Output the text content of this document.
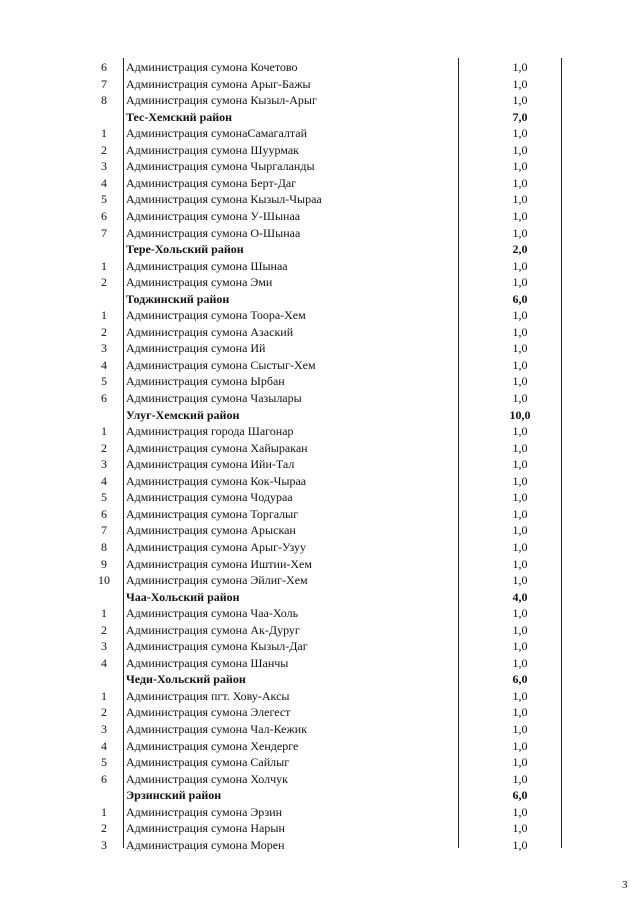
6	Администрация сумона Кочетово	1,0
7	Администрация сумона Арыг-Бажы	1,0
8	Администрация сумона Кызыл-Арыг	1,0
Тес-Хемский район	7,0
1	Администрация сумонаСамагалтай	1,0
2	Администрация сумона Шуурмак	1,0
3	Администрация сумона Чыргаланды	1,0
4	Администрация сумона Берт-Даг	1,0
5	Администрация сумона Кызыл-Чыраа	1,0
6	Администрация сумона У-Шынаа	1,0
7	Администрация сумона О-Шынаа	1,0
Тере-Хольский район	2,0
1	Администрация сумона Шынаа	1,0
2	Администрация сумона Эми	1,0
Тоджинский район	6,0
1	Администрация сумона Тоора-Хем	1,0
2	Администрация сумона Азаский	1,0
3	Администрация сумона Ий	1,0
4	Администрация сумона Сыстыг-Хем	1,0
5	Администрация сумона Ырбан	1,0
6	Администрация сумона Чазылары	1,0
Улуг-Хемский район	10,0
1	Администрация города Шагонар	1,0
2	Администрация сумона Хайыракан	1,0
3	Администрация сумона Ийи-Тал	1,0
4	Администрация сумона Кок-Чыраа	1,0
5	Администрация сумона Чодураа	1,0
6	Администрация сумона Торгалыг	1,0
7	Администрация сумона Арыскан	1,0
8	Администрация сумона Арыг-Узуу	1,0
9	Администрация сумона Иштии-Хем	1,0
10	Администрация сумона Эйлиг-Хем	1,0
Чаа-Хольский район	4,0
1	Администрация сумона Чаа-Холь	1,0
2	Администрация сумона Ак-Дуруг	1,0
3	Администрация сумона Кызыл-Даг	1,0
4	Администрация сумона Шанчы	1,0
Чеди-Хольский район	6,0
1	Администрация пгт. Хову-Аксы	1,0
2	Администрация сумона Элегест	1,0
3	Администрация сумона Чал-Кежик	1,0
4	Администрация сумона Хендерге	1,0
5	Администрация сумона Сайлыг	1,0
6	Администрация сумона Холчук	1,0
Эрзинский район	6,0
1	Администрация сумона Эрзин	1,0
2	Администрация сумона Нарын	1,0
3	Администрация сумона Морен	1,0
3
